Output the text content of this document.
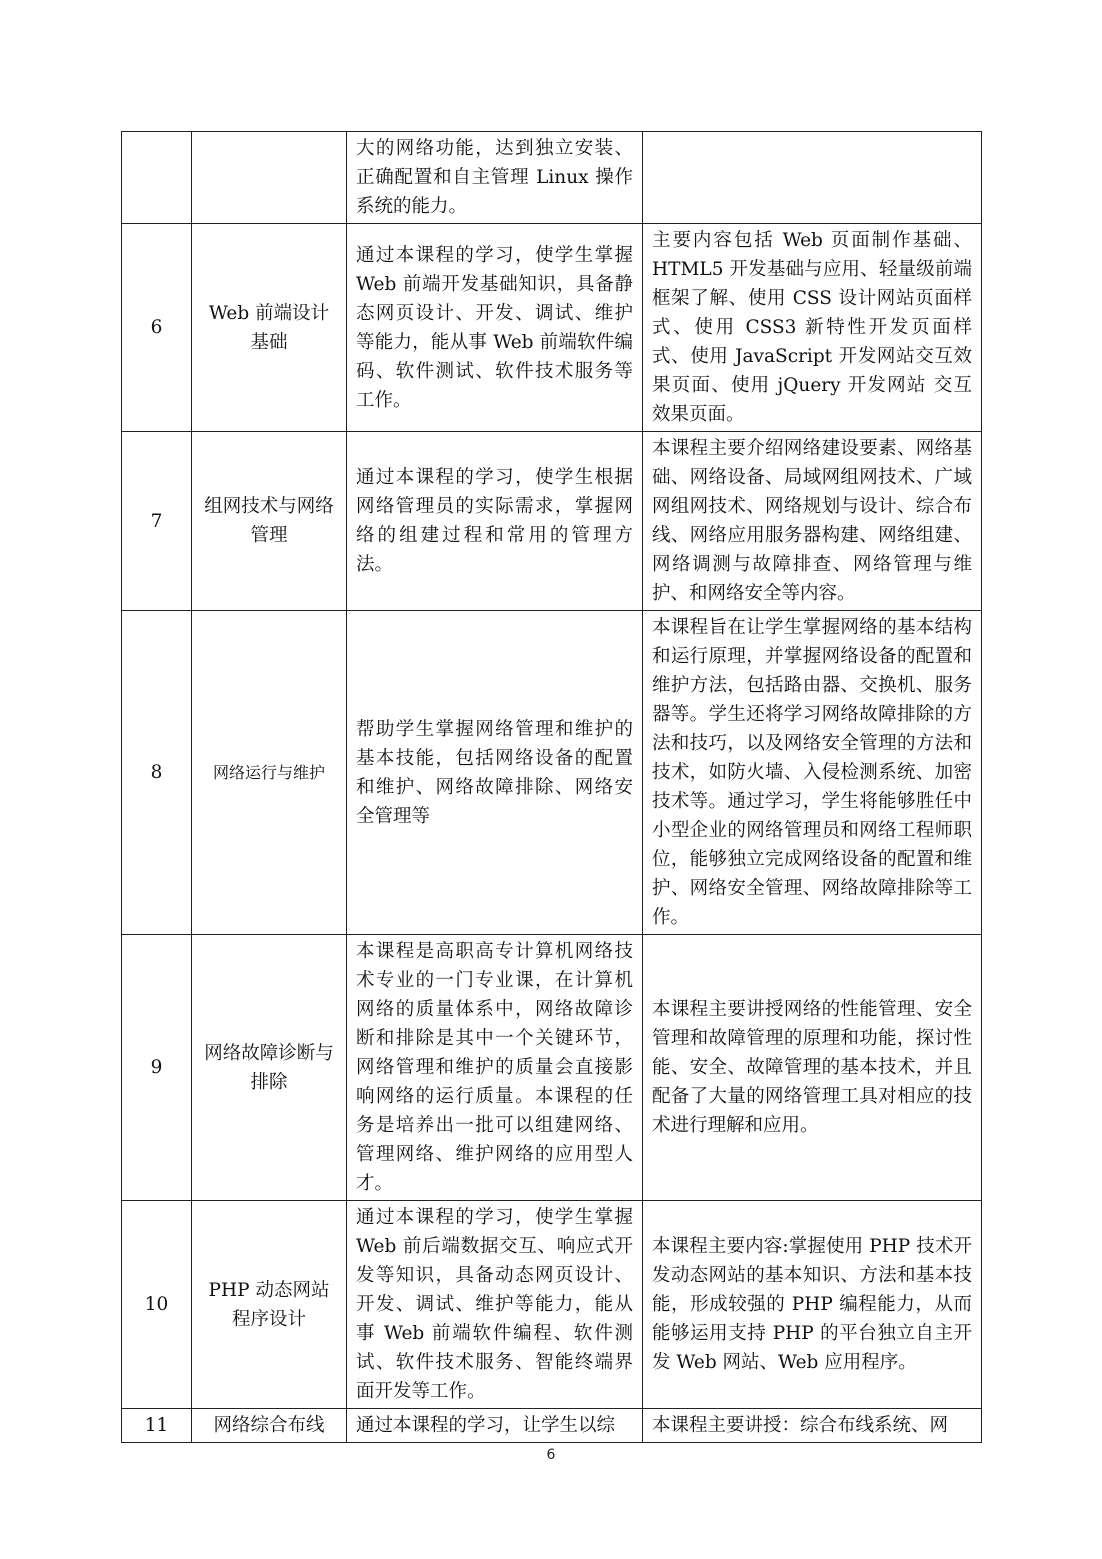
		大的网络功能，达到独立安装、正确配置和自主管理 Linux 操作系统的能力。	
6	Web 前端设计基础	通过本课程的学习，使学生掌握 Web 前端开发基础知识，具备静态网页设计、开发、调试、维护等能力，能从事 Web 前端软件编码、软件测试、软件技术服务等工作。	主要内容包括 Web 页面制作基础、HTML5 开发基础与应用、轻量级前端框架了解、使用 CSS 设计网站页面样式、使用 CSS3 新特性开发页面样式、使用 JavaScript 开发网站交互效果页面、使用 jQuery 开发网站 交互效果页面。
7	组网技术与网络管理	通过本课程的学习，使学生根据网络管理员的实际需求，掌握网络的组建过程和常用的管理方法。	本课程主要介绍网络建设要素、网络基础、网络设备、局域网组网技术、广域网组网技术、网络规划与设计、综合布线、网络应用服务器构建、网络组建、网络调测与故障排查、网络管理与维护、和网络安全等内容。
8	网络运行与维护	帮助学生掌握网络管理和维护的基本技能，包括网络设备的配置和维护、网络故障排除、网络安全管理等	本课程旨在让学生掌握网络的基本结构和运行原理，并掌握网络设备的配置和维护方法，包括路由器、交换机、服务器等。学生还将学习网络故障排除的方法和技巧，以及网络安全管理的方法和技术，如防火墙、入侵检测系统、加密技术等。通过学习，学生将能够胜任中小型企业的网络管理员和网络工程师职位，能够独立完成网络设备的配置和维护、网络安全管理、网络故障排除等工作。
9	网络故障诊断与排除	本课程是高职高专计算机网络技术专业的一门专业课，在计算机网络的质量体系中，网络故障诊断和排除是其中一个关键环节，网络管理和维护的质量会直接影响网络的运行质量。本课程的任务是培养出一批可以组建网络、管理网络、维护网络的应用型人才。	本课程主要讲授网络的性能管理、安全管理和故障管理的原理和功能，探讨性能、安全、故障管理的基本技术，并且配备了大量的网络管理工具对相应的技术进行理解和应用。
10	PHP 动态网站程序设计	通过本课程的学习，使学生掌握 Web 前后端数据交互、响应式开发等知识，具备动态网页设计、开发、调试、维护等能力，能从事 Web 前端软件编程、软件测试、软件技术服务、智能终端界面开发等工作。	本课程主要内容:掌握使用 PHP 技术开发动态网站的基本知识、方法和基本技能，形成较强的 PHP 编程能力，从而能够运用支持 PHP 的平台独立自主开发 Web 网站、Web 应用程序。
11	网络综合布线	通过本课程的学习，让学生以综	本课程主要讲授：综合布线系统、网
6
